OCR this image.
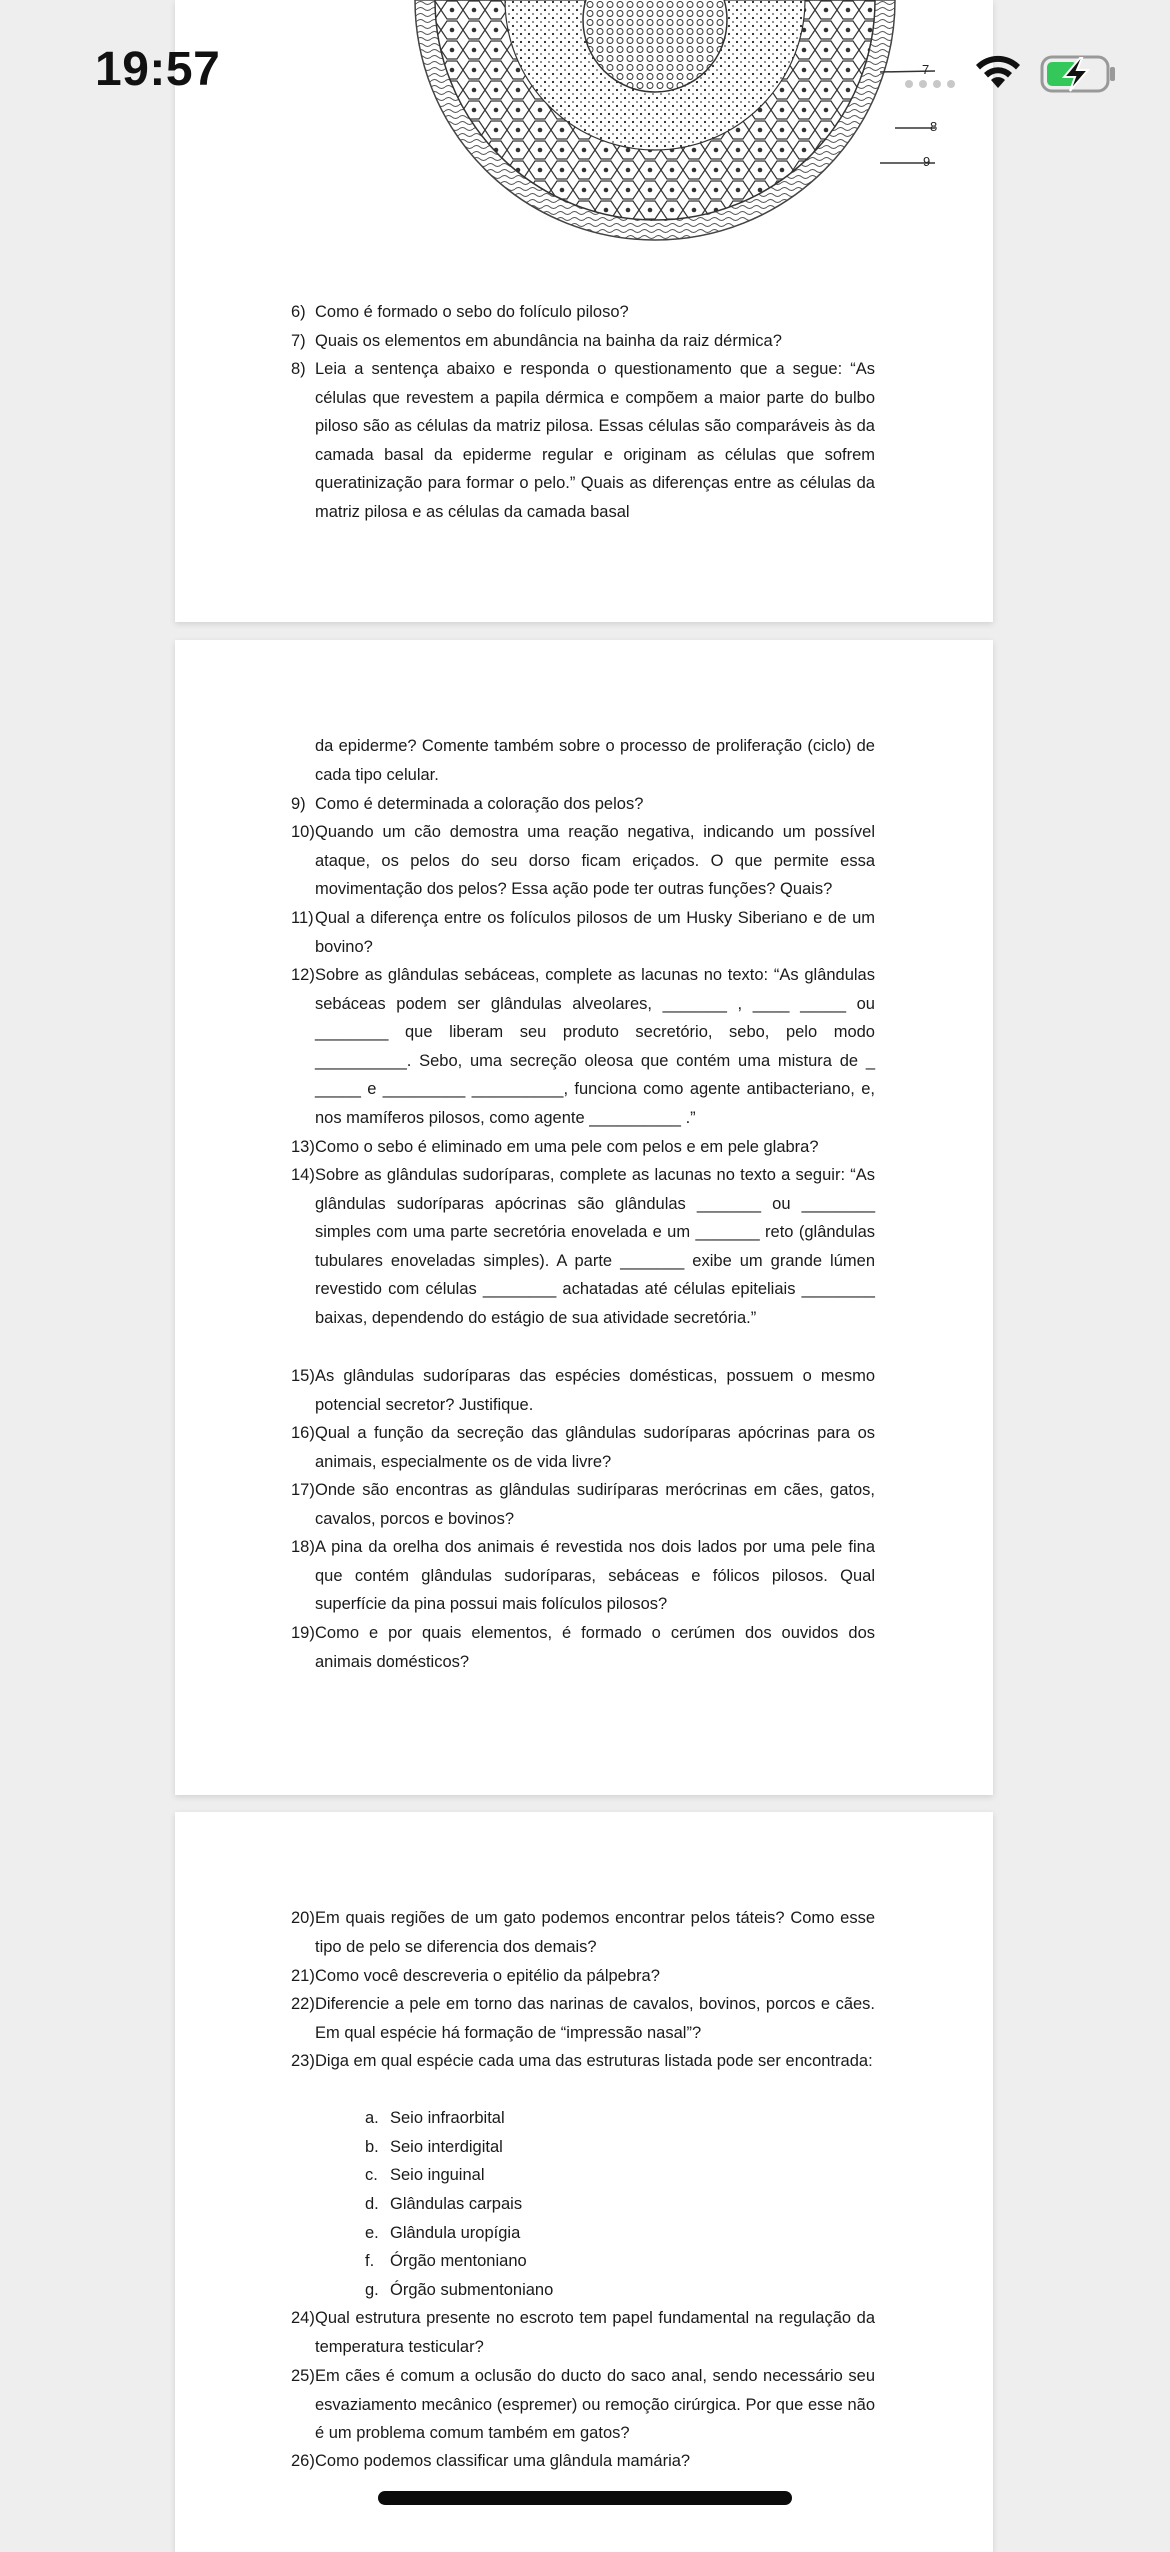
19:57	7
8
9
6) Como é formado o sebo do folículo piloso?
7) Quais os elementos em abundância na bainha da raiz dérmica?
8) Leia a sentença abaixo e responda o questionamento que a segue: “As células que revestem a papila dérmica e compõem a maior parte do bulbo piloso são as células da matriz pilosa. Essas células são comparáveis às da camada basal da epiderme regular e originam as células que sofrem queratinização para formar o pelo.” Quais as diferenças entre as células da matriz pilosa e as células da camada basal
da epiderme? Comente também sobre o processo de proliferação (ciclo) de cada tipo celular.
9) Como é determinada a coloração dos pelos?
10) Quando um cão demostra uma reação negativa, indicando um possível ataque, os pelos do seu dorso ficam eriçados. O que permite essa movimentação dos pelos? Essa ação pode ter outras funções? Quais?
11) Qual a diferença entre os folículos pilosos de um Husky Siberiano e de um bovino?
12) Sobre as glândulas sebáceas, complete as lacunas no texto: “As glândulas sebáceas podem ser glândulas alveolares, _______ , ____ _____ ou ________ que liberam seu produto secretório, sebo, pelo modo __________. Sebo, uma secreção oleosa que contém uma mistura de _ _____ e _________ __________, funciona como agente antibacteriano, e, nos mamíferos pilosos, como agente __________ .”
13) Como o sebo é eliminado em uma pele com pelos e em pele glabra?
14) Sobre as glândulas sudoríparas, complete as lacunas no texto a seguir: “As glândulas sudoríparas apócrinas são glândulas _______ ou ________ simples com uma parte secretória enovelada e um _______ reto (glândulas tubulares enoveladas simples). A parte _______ exibe um grande lúmen revestido com células ________ achatadas até células epiteliais ________ baixas, dependendo do estágio de sua atividade secretória.”
15) As glândulas sudoríparas das espécies domésticas, possuem o mesmo potencial secretor? Justifique.
16) Qual a função da secreção das glândulas sudoríparas apócrinas para os animais, especialmente os de vida livre?
17) Onde são encontras as glândulas sudiríparas merócrinas em cães, gatos, cavalos, porcos e bovinos?
18) A pina da orelha dos animais é revestida nos dois lados por uma pele fina que contém glândulas sudoríparas, sebáceas e fólicos pilosos. Qual superfície da pina possui mais folículos pilosos?
19) Como e por quais elementos, é formado o cerúmen dos ouvidos dos animais domésticos?
20) Em quais regiões de um gato podemos encontrar pelos táteis? Como esse tipo de pelo se diferencia dos demais?
21) Como você descreveria o epitélio da pálpebra?
22) Diferencie a pele em torno das narinas de cavalos, bovinos, porcos e cães. Em qual espécie há formação de “impressão nasal”?
23) Diga em qual espécie cada uma das estruturas listada pode ser encontrada:
a. Seio infraorbital
b. Seio interdigital
c. Seio inguinal
d. Glândulas carpais
e. Glândula uropígia
f. Órgão mentoniano
g. Órgão submentoniano
24) Qual estrutura presente no escroto tem papel fundamental na regulação da temperatura testicular?
25) Em cães é comum a oclusão do ducto do saco anal, sendo necessário seu esvaziamento mecânico (espremer) ou remoção cirúrgica. Por que esse não é um problema comum também em gatos?
26) Como podemos classificar uma glândula mamária?
